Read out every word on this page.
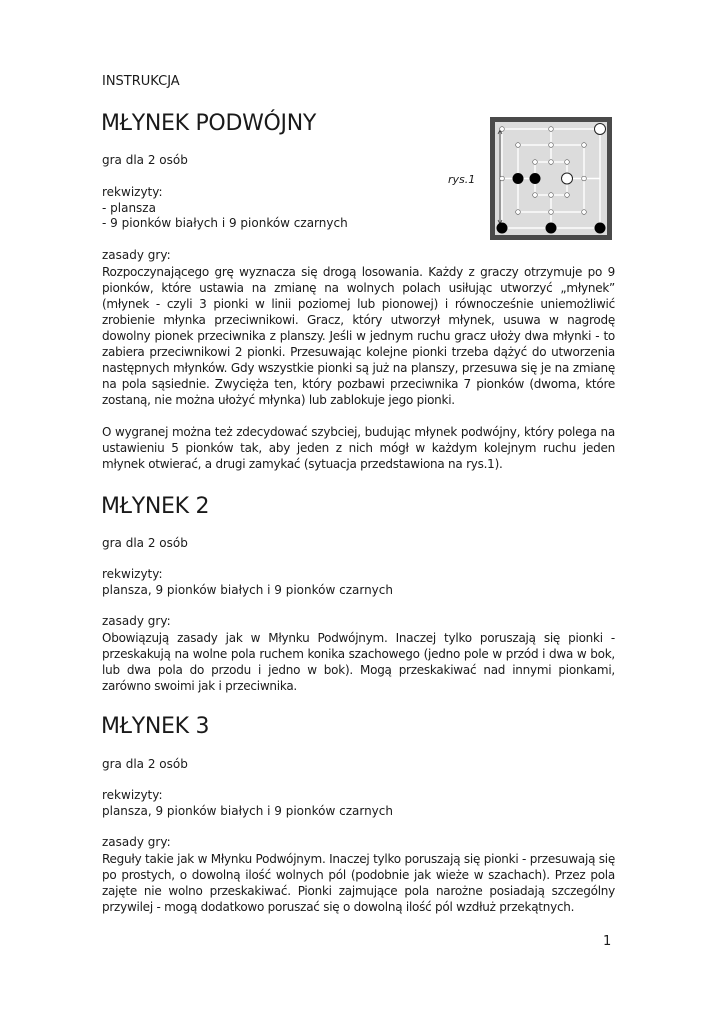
INSTRUKCJA
MŁYNEK PODWÓJNY
gra dla 2 osób
rekwizyty:
- plansza
- 9 pionków białych i 9 pionków czarnych
zasady gry:

Rozpoczynającego grę wyznacza się drogą losowania. Każdy z graczy otrzymuje po 9 pionków, które ustawia na zmianę na wolnych polach usiłując utworzyć „młynek” (młynek - czyli 3 pionki w linii poziomej lub pionowej) i równocześnie uniemożliwić zrobienie młynka przeciwnikowi. Gracz, który utworzył młynek, usuwa w nagrodę dowolny pionek przeciwnika z planszy. Jeśli w jednym ruchu gracz ułoży dwa młynki - to zabiera przeciwnikowi 2 pionki. Przesuwając kolejne pionki trzeba dążyć do utworzenia następnych młynków. Gdy wszystkie pionki są już na planszy, przesuwa się je na zmianę na pola sąsiednie. Zwycięża ten, który pozbawi przeciwnika 7 pionków (dwoma, które zostaną, nie można ułożyć młynka) lub zablokuje jego pionki.

O wygranej można też zdecydować szybciej, budując młynek podwójny, który polega na ustawieniu 5 pionków tak, aby jeden z nich mógł w każdym kolejnym ruchu jeden młynek otwierać, a drugi zamykać (sytuacja przedstawiona na rys.1).

rys.1
MŁYNEK 2
gra dla 2 osób
rekwizyty:
plansza, 9 pionków białych i 9 pionków czarnych
zasady gry:

Obowiązują zasady jak w Młynku Podwójnym. Inaczej tylko poruszają się pionki - przeskakują na wolne pola ruchem konika szachowego (jedno pole w przód i dwa w bok, lub dwa pola do przodu i jedno w bok). Mogą przeskakiwać nad innymi pionkami, zarówno swoimi jak i przeciwnika.

MŁYNEK 3
gra dla 2 osób
rekwizyty:
plansza, 9 pionków białych i 9 pionków czarnych
zasady gry:

Reguły takie jak w Młynku Podwójnym. Inaczej tylko poruszają się pionki - przesuwają się po prostych, o dowolną ilość wolnych pól (podobnie jak wieże w szachach). Przez pola zajęte nie wolno przeskakiwać. Pionki zajmujące pola narożne posiadają szczególny przywilej - mogą dodatkowo poruszać się o dowolną ilość pól wzdłuż przekątnych.

1
